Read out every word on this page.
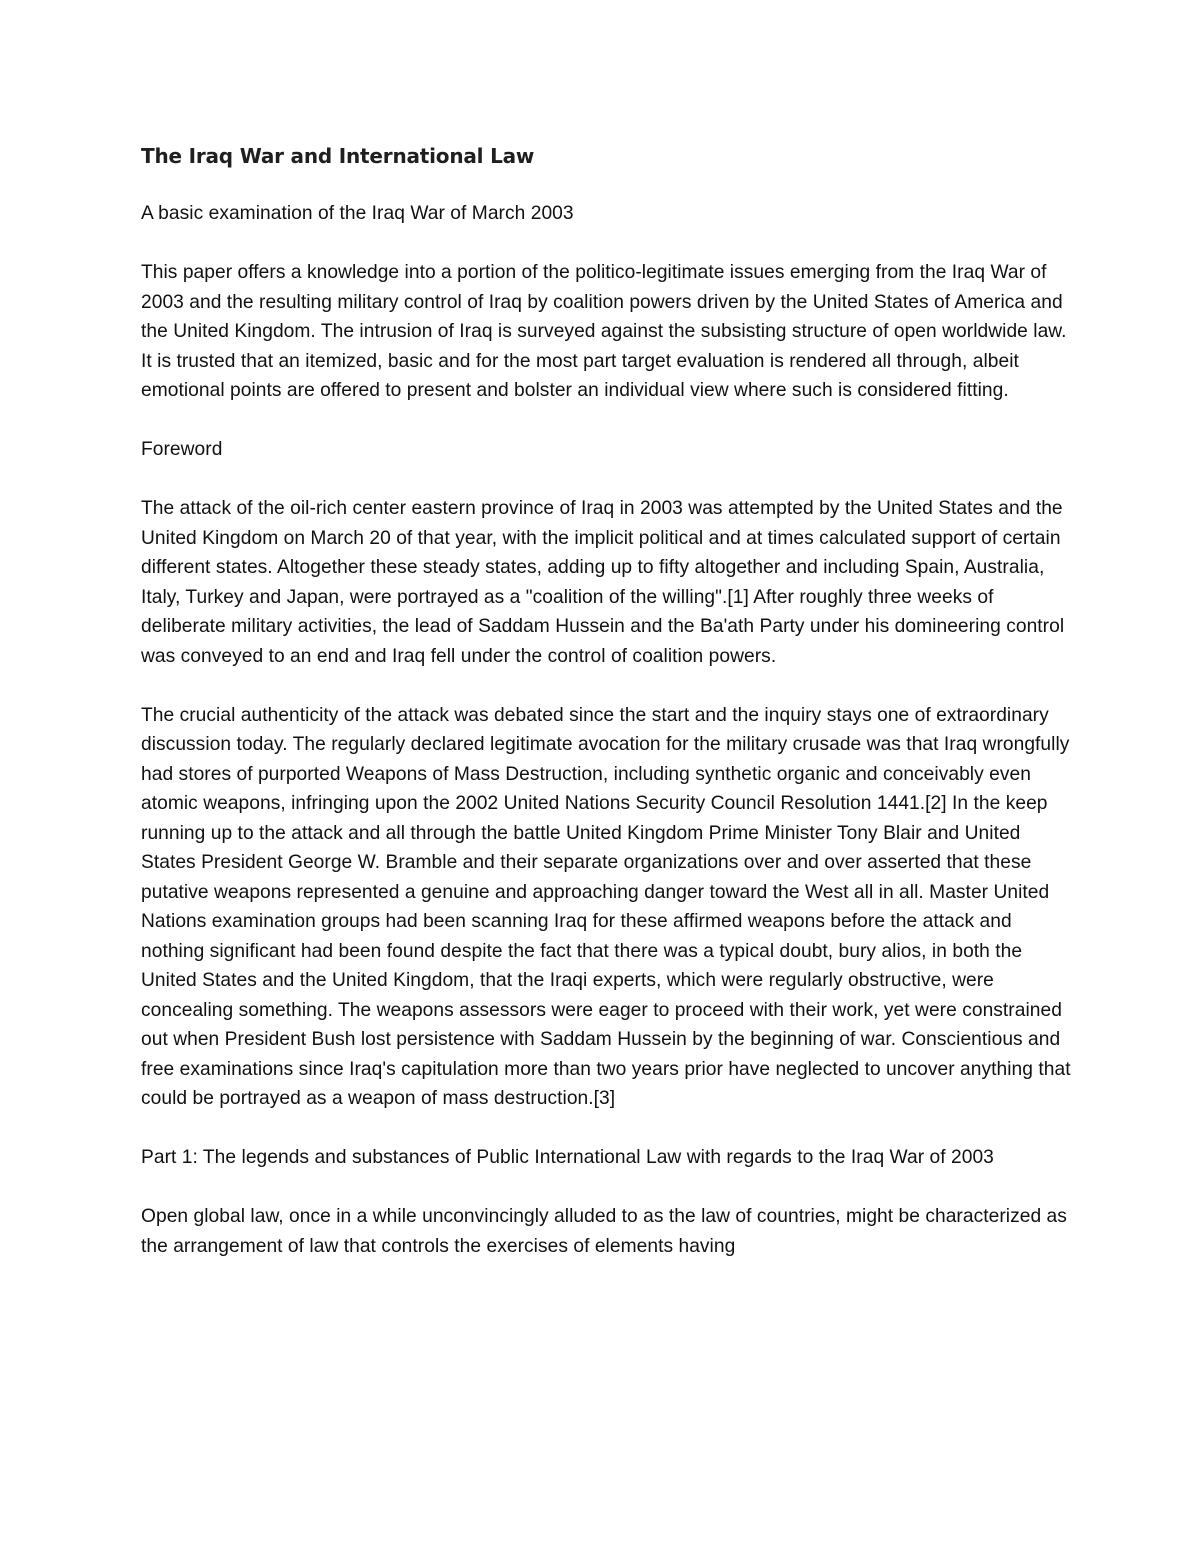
The Iraq War and International Law

A basic examination of the Iraq War of March 2003

This paper offers a knowledge into a portion of the politico-legitimate issues emerging from the Iraq War of 2003 and the resulting military control of Iraq by coalition powers driven by the United States of America and the United Kingdom. The intrusion of Iraq is surveyed against the subsisting structure of open worldwide law. It is trusted that an itemized, basic and for the most part target evaluation is rendered all through, albeit emotional points are offered to present and bolster an individual view where such is considered fitting.

Foreword

The attack of the oil-rich center eastern province of Iraq in 2003 was attempted by the United States and the United Kingdom on March 20 of that year, with the implicit political and at times calculated support of certain different states. Altogether these steady states, adding up to fifty altogether and including Spain, Australia, Italy, Turkey and Japan, were portrayed as a "coalition of the willing".[1] After roughly three weeks of deliberate military activities, the lead of Saddam Hussein and the Ba'ath Party under his domineering control was conveyed to an end and Iraq fell under the control of coalition powers.

The crucial authenticity of the attack was debated since the start and the inquiry stays one of extraordinary discussion today. The regularly declared legitimate avocation for the military crusade was that Iraq wrongfully had stores of purported Weapons of Mass Destruction, including synthetic organic and conceivably even atomic weapons, infringing upon the 2002 United Nations Security Council Resolution 1441.[2] In the keep running up to the attack and all through the battle United Kingdom Prime Minister Tony Blair and United States President George W. Bramble and their separate organizations over and over asserted that these putative weapons represented a genuine and approaching danger toward the West all in all. Master United Nations examination groups had been scanning Iraq for these affirmed weapons before the attack and nothing significant had been found despite the fact that there was a typical doubt, bury alios, in both the United States and the United Kingdom, that the Iraqi experts, which were regularly obstructive, were concealing something. The weapons assessors were eager to proceed with their work, yet were constrained out when President Bush lost persistence with Saddam Hussein by the beginning of war. Conscientious and free examinations since Iraq's capitulation more than two years prior have neglected to uncover anything that could be portrayed as a weapon of mass destruction.[3]

Part 1: The legends and substances of Public International Law with regards to the Iraq War of 2003

Open global law, once in a while unconvincingly alluded to as the law of countries, might be characterized as the arrangement of law that controls the exercises of elements having
